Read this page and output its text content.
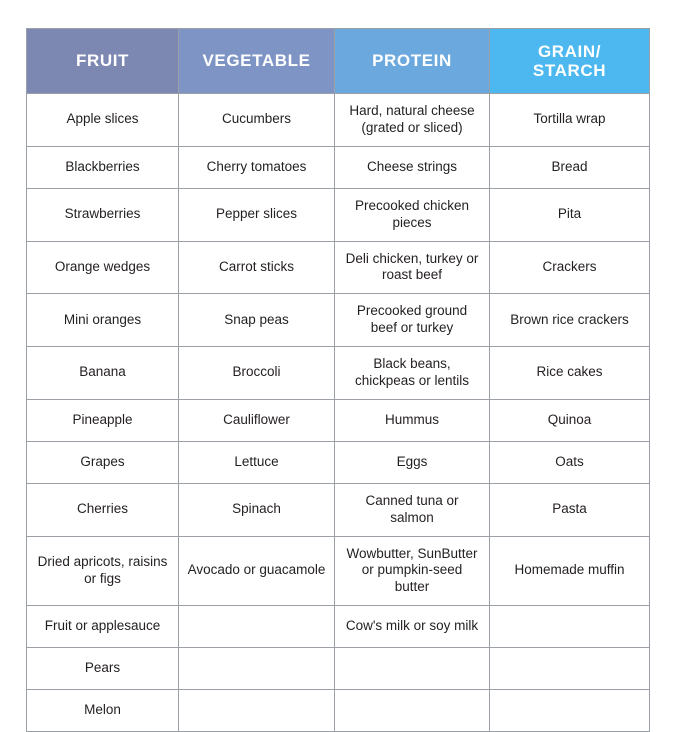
FRUIT	VEGETABLE	PROTEIN	GRAIN/
STARCH
Apple slices	Cucumbers	Hard, natural cheese (grated or sliced)	Tortilla wrap
Blackberries	Cherry tomatoes	Cheese strings	Bread
Strawberries	Pepper slices	Precooked chicken pieces	Pita
Orange wedges	Carrot sticks	Deli chicken, turkey or roast beef	Crackers
Mini oranges	Snap peas	Precooked ground beef or turkey	Brown rice crackers
Banana	Broccoli	Black beans, chickpeas or lentils	Rice cakes
Pineapple	Cauliflower	Hummus	Quinoa
Grapes	Lettuce	Eggs	Oats
Cherries	Spinach	Canned tuna or salmon	Pasta
Dried apricots, raisins or figs	Avocado or guacamole	Wowbutter, SunButter or pumpkin-seed butter	Homemade muffin
Fruit or applesauce		Cow's milk or soy milk	
Pears			
Melon			
